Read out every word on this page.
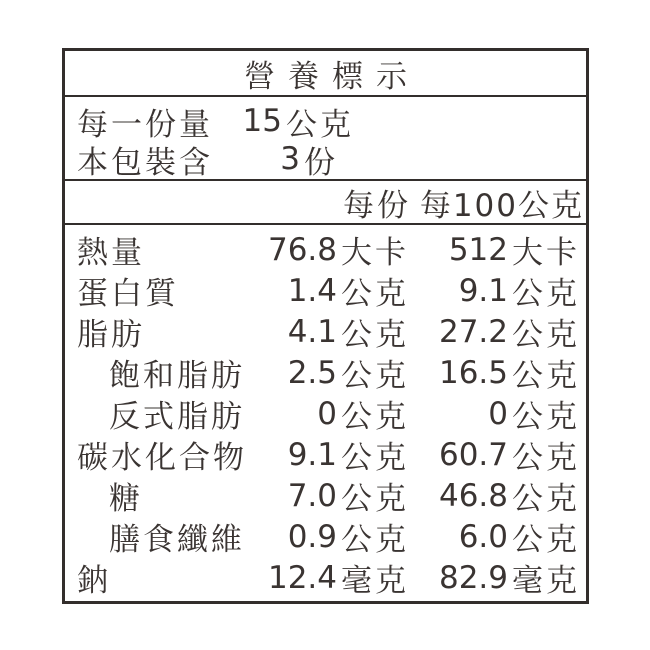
營養標示
每一份量 15 公克
本包裝含	3 份
每份 每100公克
熱量	76.8 大卡	512 大卡
蛋白質	1.4 公克	9.1 公克
脂肪	4.1 公克 27.2 公克
飽和脂肪	2.5 公克 16.5 公克
反式脂肪	0 公克	0 公克
碳水化合物	9.1 公克 60.7 公克
糖	7.0 公克 46.8 公克
膳食纖維	0.9 公克	6.0 公克
鈉	12.4 毫克 82.9 毫克
